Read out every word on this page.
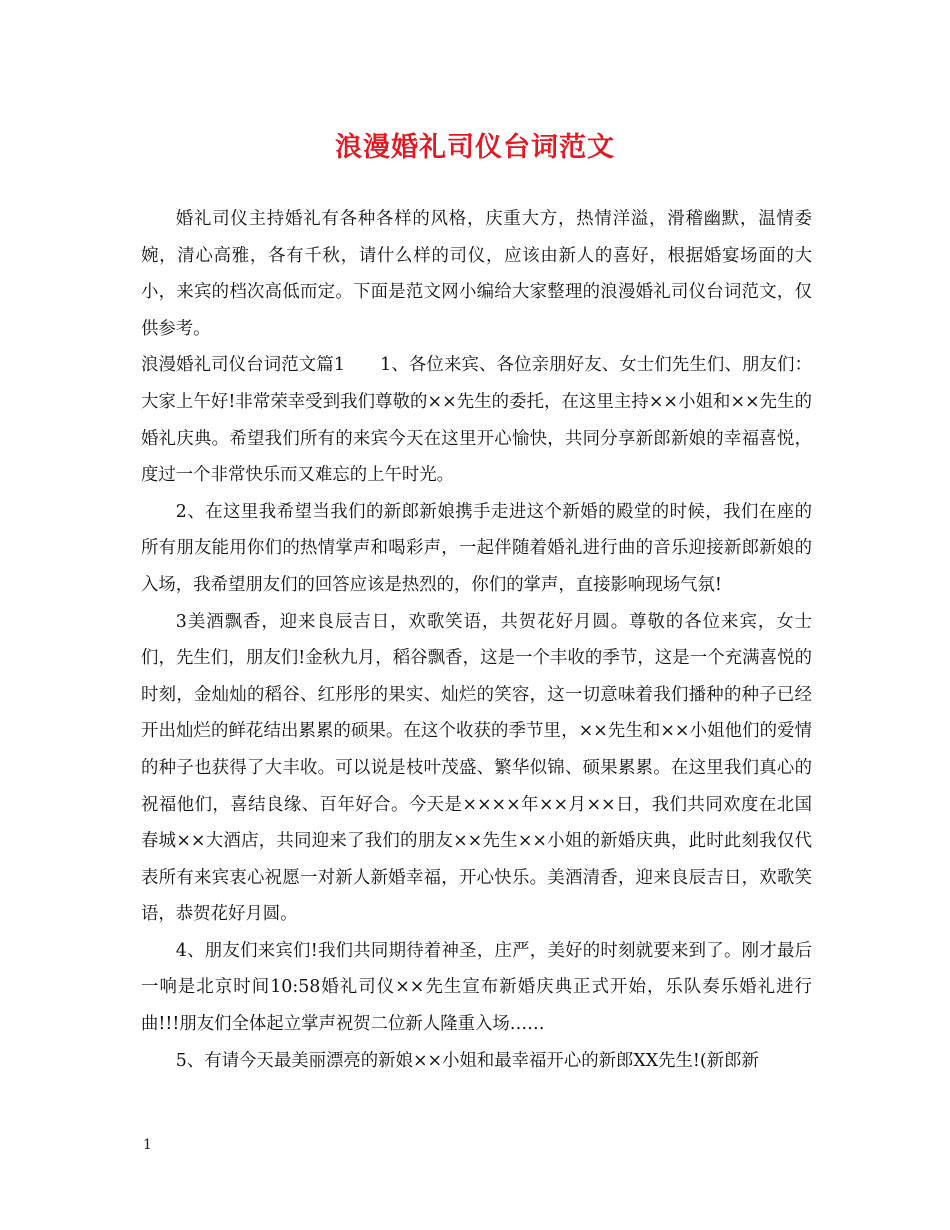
浪漫婚礼司仪台词范文

婚礼司仪主持婚礼有各种各样的风格，庆重大方，热情洋溢，滑稽幽默，温情委婉，清心高雅，各有千秋，请什么样的司仪，应该由新人的喜好，根据婚宴场面的大小，来宾的档次高低而定。下面是范文网小编给大家整理的浪漫婚礼司仪台词范文，仅供参考。

浪漫婚礼司仪台词范文篇1　　1、各位来宾、各位亲朋好友、女士们先生们、朋友们：大家上午好!非常荣幸受到我们尊敬的××先生的委托，在这里主持××小姐和××先生的婚礼庆典。希望我们所有的来宾今天在这里开心愉快，共同分享新郎新娘的幸福喜悦，度过一个非常快乐而又难忘的上午时光。

2、在这里我希望当我们的新郎新娘携手走进这个新婚的殿堂的时候，我们在座的所有朋友能用你们的热情掌声和喝彩声，一起伴随着婚礼进行曲的音乐迎接新郎新娘的入场，我希望朋友们的回答应该是热烈的，你们的掌声，直接影响现场气氛!

3美酒飘香，迎来良辰吉日，欢歌笑语，共贺花好月圆。尊敬的各位来宾，女士们，先生们，朋友们!金秋九月，稻谷飘香，这是一个丰收的季节，这是一个充满喜悦的时刻，金灿灿的稻谷、红彤彤的果实、灿烂的笑容，这一切意味着我们播种的种子已经开出灿烂的鲜花结出累累的硕果。在这个收获的季节里，××先生和××小姐他们的爱情的种子也获得了大丰收。可以说是枝叶茂盛、繁华似锦、硕果累累。在这里我们真心的祝福他们，喜结良缘、百年好合。今天是××××年××月××日，我们共同欢度在北国春城××大酒店，共同迎来了我们的朋友××先生××小姐的新婚庆典，此时此刻我仅代表所有来宾衷心祝愿一对新人新婚幸福，开心快乐。美酒清香，迎来良辰吉日，欢歌笑语，恭贺花好月圆。

4、朋友们来宾们!我们共同期待着神圣，庄严，美好的时刻就要来到了。刚才最后一响是北京时间10:58婚礼司仪××先生宣布新婚庆典正式开始，乐队奏乐婚礼进行曲!!!朋友们全体起立掌声祝贺二位新人隆重入场……

5、有请今天最美丽漂亮的新娘××小姐和最幸福开心的新郎XX先生!(新郎新

1
